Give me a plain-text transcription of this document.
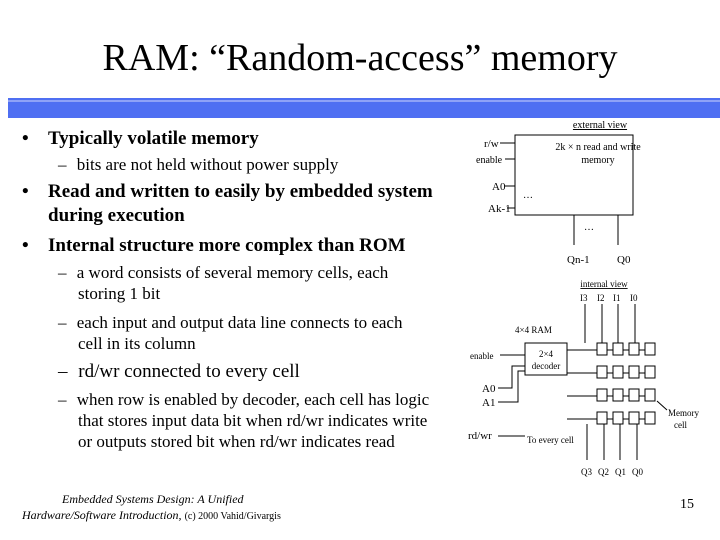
RAM: “Random-access” memory
• Typically volatile memory
– bits are not held without power supply
• Read and written to easily by embedded system
during execution
• Internal structure more complex than ROM
– a word consists of several memory cells, each
storing 1 bit
– each input and output data line connects to each
cell in its column
– rd/wr connected to every cell
– when row is enabled by decoder, each cell has logic
that stores input data bit when rd/wr indicates write
or outputs stored bit when rd/wr indicates read
external view
2k × n read and write
memory
r/w
enable
A0
Ak-1
…
…
Qn-1 Q0
internal view
I3 I2 I1 I0
4×4 RAM
2×4
decoder
enable
A0
A1
rd/wr	To every cell
Memory
cell
Q3 Q2 Q1 Q0
Embedded Systems Design: A Unified
Hardware/Software Introduction, (c) 2000 Vahid/Givargis
15
